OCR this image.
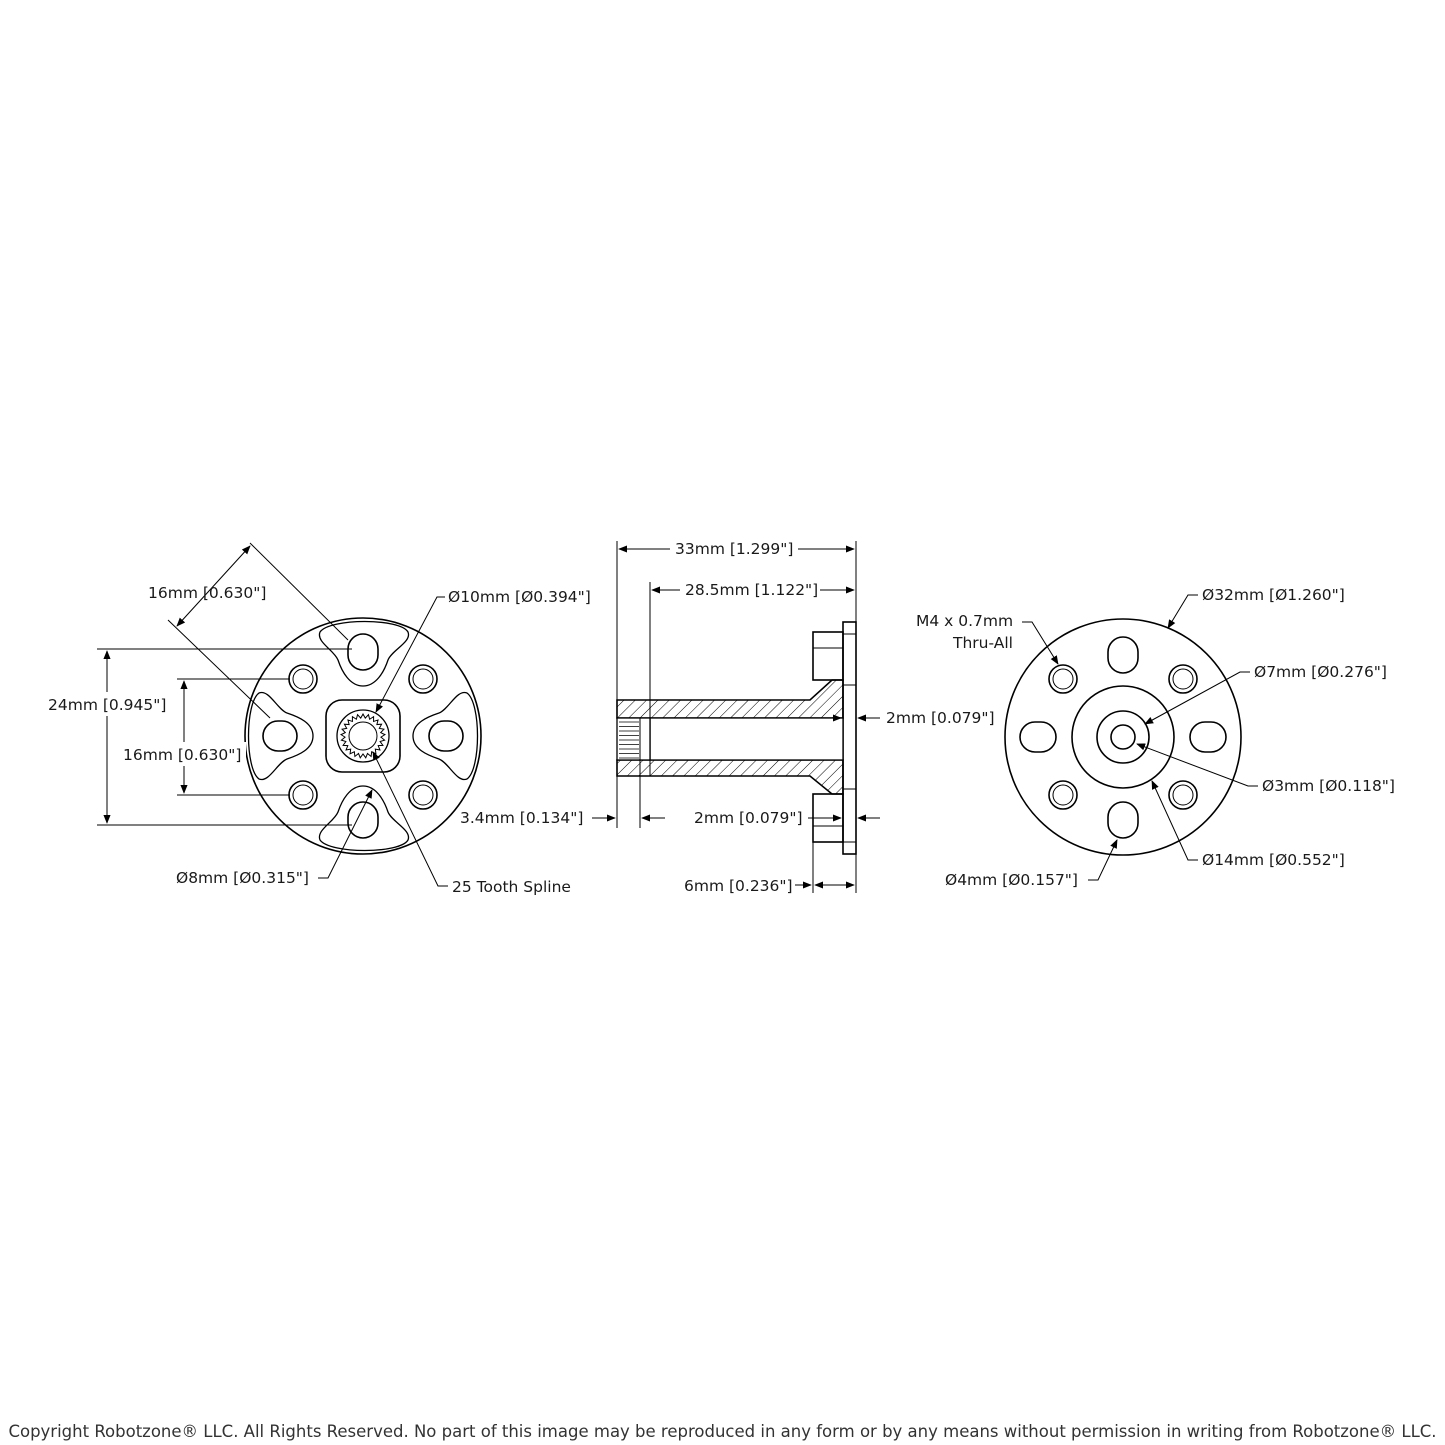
16mm [0.630"]
24mm [0.945"]
16mm [0.630"]
Ø10mm [Ø0.394"]
Ø8mm [Ø0.315"]	25 Tooth Spline
33mm [1.299"]
28.5mm [1.122"]
2mm [0.079"]
3.4mm [0.134"]	2mm [0.079"]
6mm [0.236"]
Ø32mm [Ø1.260"]
M4 x 0.7mm
Thru-All
Ø7mm [Ø0.276"]
Ø3mm [Ø0.118"]
Ø14mm [Ø0.552"]
Ø4mm [Ø0.157"]
Copyright Robotzone® LLC. All Rights Reserved. No part of this image may be reproduced in any form or by any means without permission in writing from Robotzone® LLC.
